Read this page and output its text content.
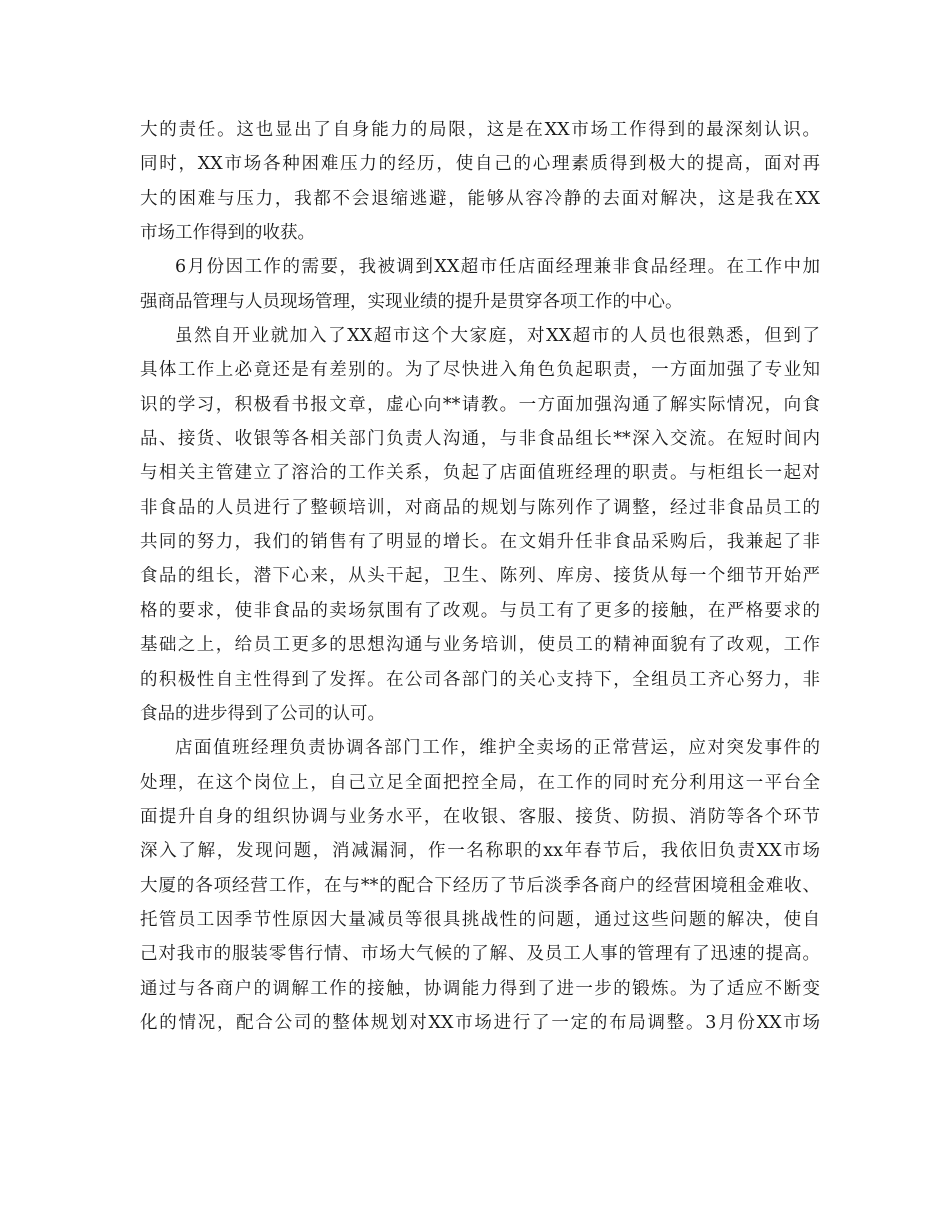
大的责任。这也显出了自身能力的局限，这是在XX市场工作得到的最深刻认识。
同时，XX市场各种困难压力的经历，使自己的心理素质得到极大的提高，面对再
大的困难与压力，我都不会退缩逃避，能够从容冷静的去面对解决，这是我在XX
市场工作得到的收获。
6月份因工作的需要，我被调到XX超市任店面经理兼非食品经理。在工作中加
强商品管理与人员现场管理，实现业绩的提升是贯穿各项工作的中心。
虽然自开业就加入了XX超市这个大家庭，对XX超市的人员也很熟悉，但到了
具体工作上必竟还是有差别的。为了尽快进入角色负起职责，一方面加强了专业知
识的学习，积极看书报文章，虚心向**请教。一方面加强沟通了解实际情况，向食
品、接货、收银等各相关部门负责人沟通，与非食品组长**深入交流。在短时间内
与相关主管建立了溶洽的工作关系，负起了店面值班经理的职责。与柜组长一起对
非食品的人员进行了整顿培训，对商品的规划与陈列作了调整，经过非食品员工的
共同的努力，我们的销售有了明显的增长。在文娟升任非食品采购后，我兼起了非
食品的组长，潜下心来，从头干起，卫生、陈列、库房、接货从每一个细节开始严
格的要求，使非食品的卖场氛围有了改观。与员工有了更多的接触，在严格要求的
基础之上，给员工更多的思想沟通与业务培训，使员工的精神面貌有了改观，工作
的积极性自主性得到了发挥。在公司各部门的关心支持下，全组员工齐心努力，非
食品的进步得到了公司的认可。
店面值班经理负责协调各部门工作，维护全卖场的正常营运，应对突发事件的
处理，在这个岗位上，自己立足全面把控全局，在工作的同时充分利用这一平台全
面提升自身的组织协调与业务水平，在收银、客服、接货、防损、消防等各个环节
深入了解，发现问题，消减漏洞，作一名称职的xx年春节后，我依旧负责XX市场
大厦的各项经营工作，在与**的配合下经历了节后淡季各商户的经营困境租金难收、
托管员工因季节性原因大量减员等很具挑战性的问题，通过这些问题的解决，使自
己对我市的服装零售行情、市场大气候的了解、及员工人事的管理有了迅速的提高。
通过与各商户的调解工作的接触，协调能力得到了进一步的锻炼。为了适应不断变
化的情况，配合公司的整体规划对XX市场进行了一定的布局调整。3月份XX市场
